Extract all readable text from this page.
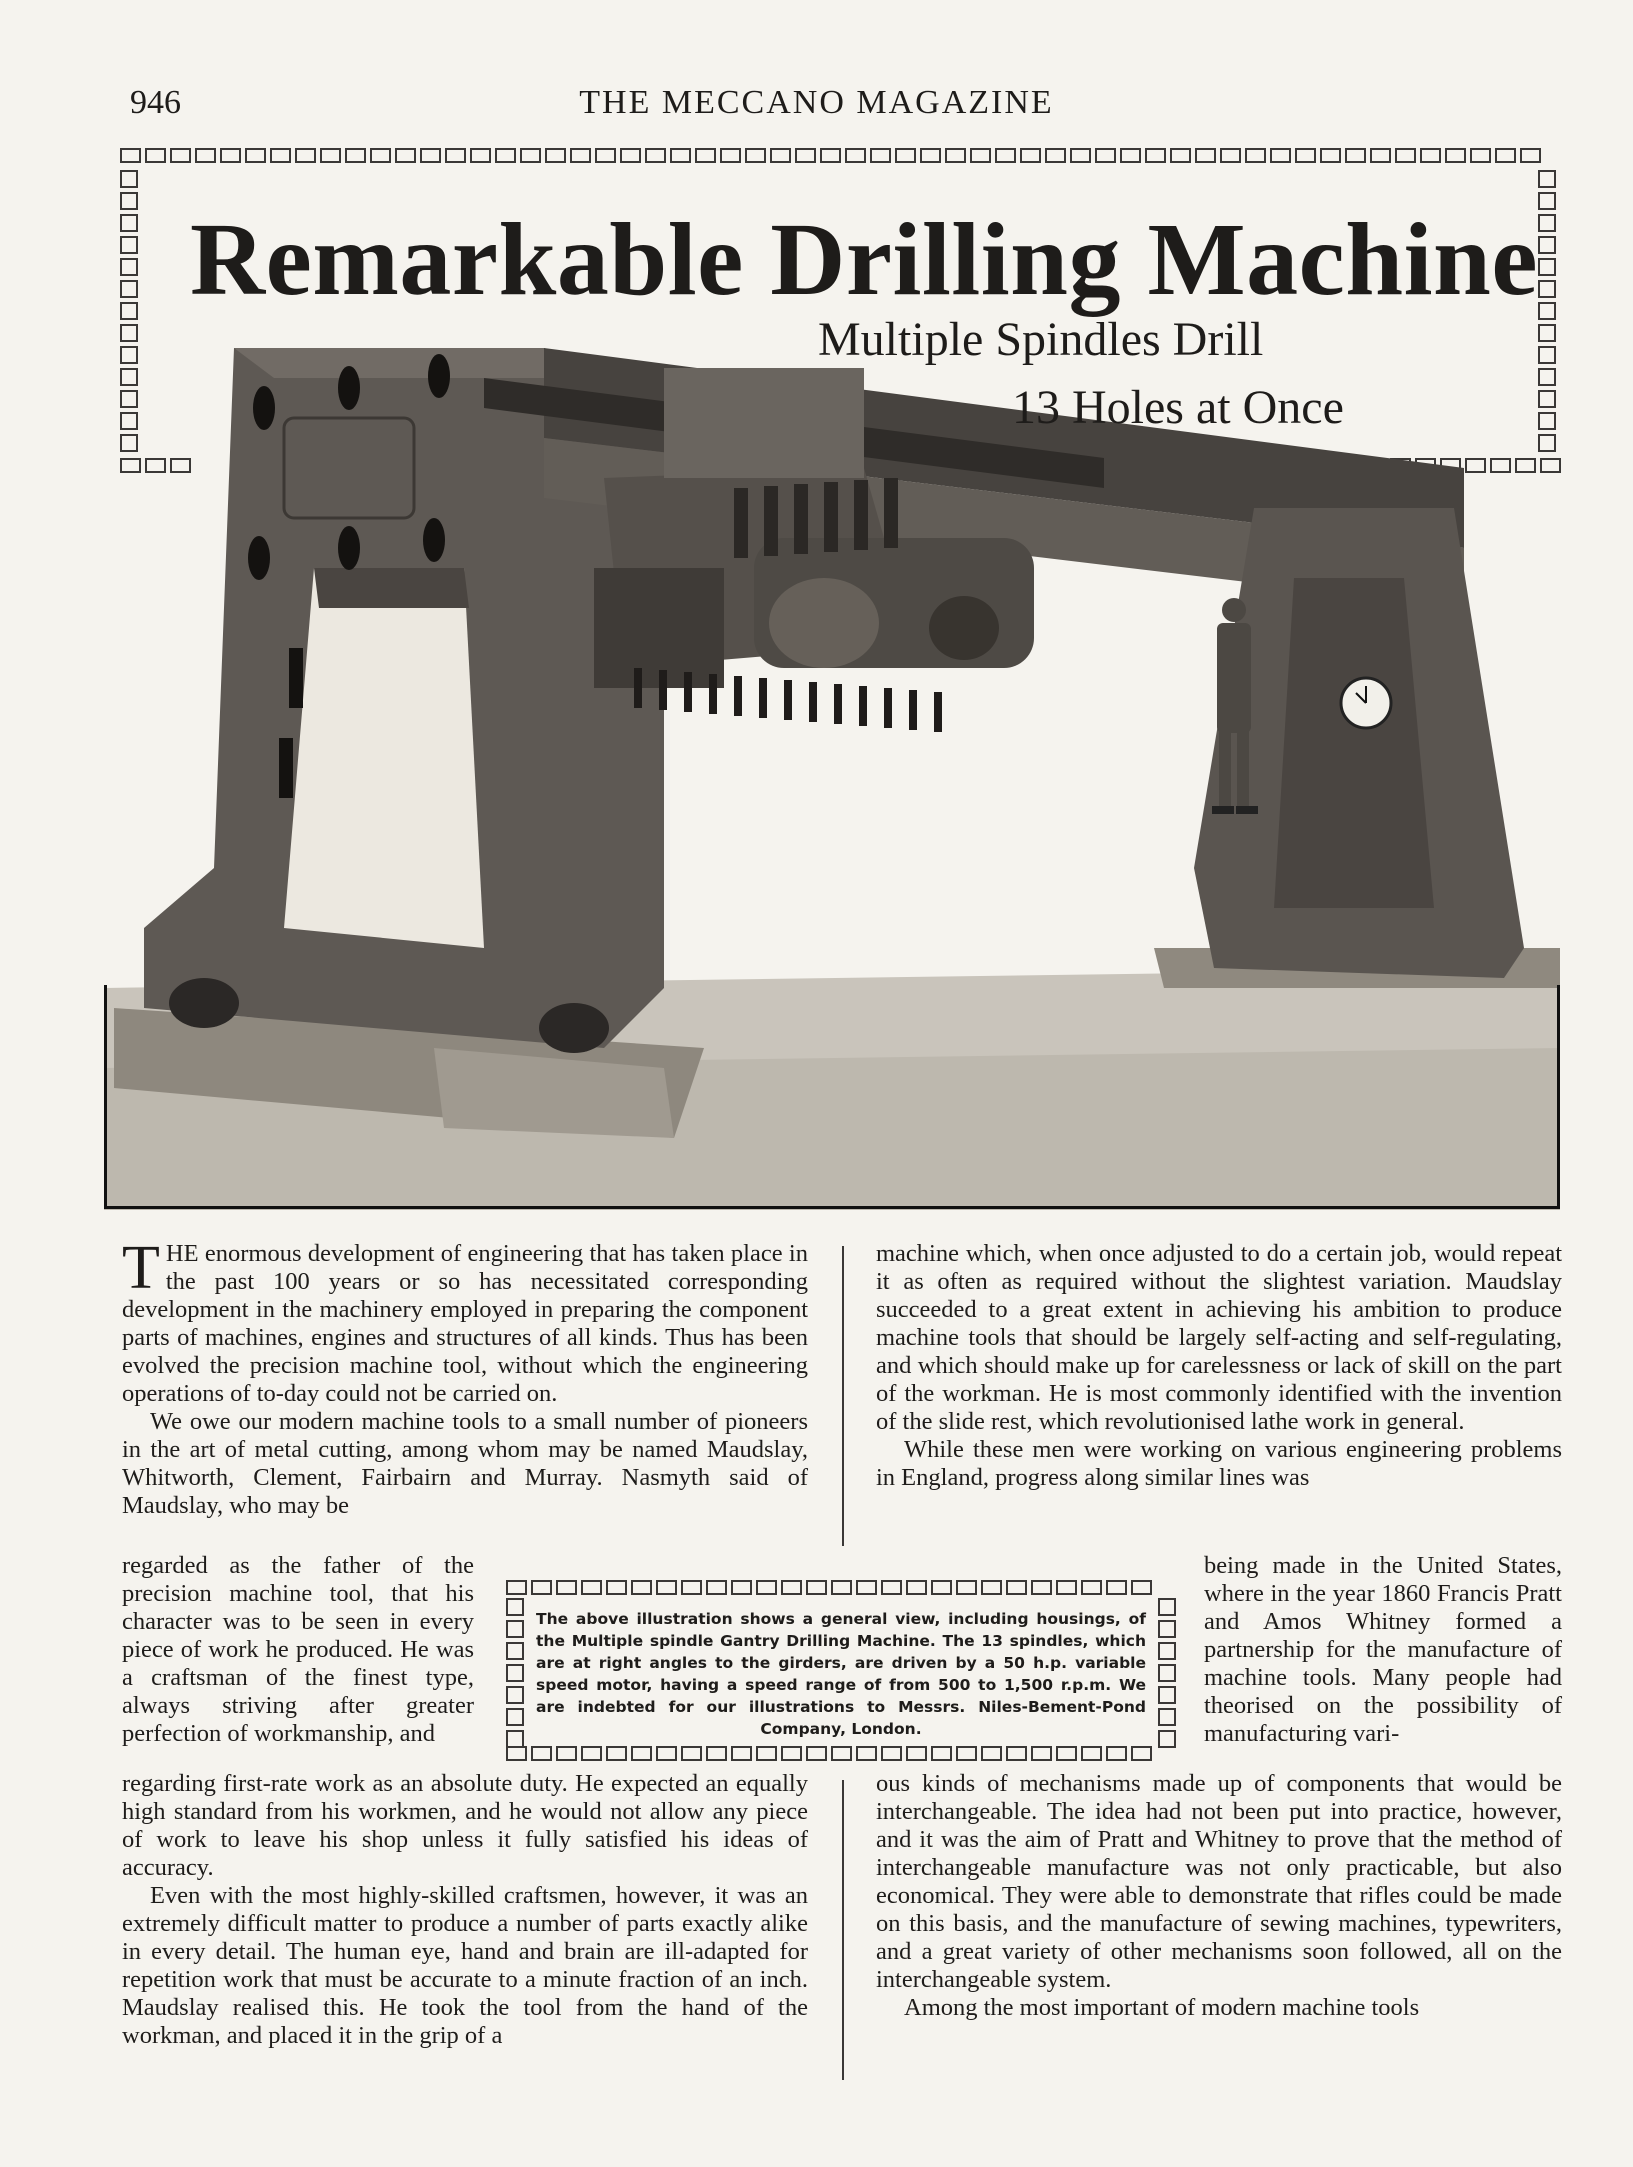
946	THE MECCANO MAGAZINE
Remarkable Drilling Machine
Multiple Spindles Drill
13 Holes at Once

THE enormous development of engineering that has taken place in the past 100 years or so has necessitated corresponding development in the machinery employed in preparing the component parts of machines, engines and structures of all kinds. Thus has been evolved the precision machine tool, without which the engineering operations of to-day could not be carried on.

We owe our modern machine tools to a small number of pioneers in the art of metal cutting, among whom may be named Maudslay, Whitworth, Clement, Fairbairn and Murray. Nasmyth said of Maudslay, who may be

machine which, when once adjusted to do a certain job, would repeat it as often as required without the slightest variation. Maudslay succeeded to a great extent in achieving his ambition to produce machine tools that should be largely self-acting and self-regulating, and which should make up for carelessness or lack of skill on the part of the workman. He is most commonly identified with the invention of the slide rest, which revolutionised lathe work in general.

While these men were working on various engineering problems in England, progress along similar lines was

regarded as the father of the precision machine tool, that his character was to be seen in every piece of work he produced. He was a craftsman of the finest type, always striving after greater perfection of workmanship, and

being made in the United States, where in the year 1860 Francis Pratt and Amos Whitney formed a partnership for the manufacture of machine tools. Many people had theorised on the possibility of manufacturing vari-

The above illustration shows a general view, including housings, of the Multiple spindle Gantry Drilling Machine. The 13 spindles, which are at right angles to the girders, are driven by a 50 h.p. variable speed motor, having a speed range of from 500 to 1,500 r.p.m. We are indebted for our illustrations to Messrs. Niles-Bement-Pond Company, London.

regarding first-rate work as an absolute duty. He expected an equally high standard from his workmen, and he would not allow any piece of work to leave his shop unless it fully satisfied his ideas of accuracy.

Even with the most highly-skilled craftsmen, however, it was an extremely difficult matter to produce a number of parts exactly alike in every detail. The human eye, hand and brain are ill-adapted for repetition work that must be accurate to a minute fraction of an inch. Maudslay realised this. He took the tool from the hand of the workman, and placed it in the grip of a

ous kinds of mechanisms made up of components that would be interchangeable. The idea had not been put into practice, however, and it was the aim of Pratt and Whitney to prove that the method of interchangeable manufacture was not only practicable, but also economical. They were able to demonstrate that rifles could be made on this basis, and the manufacture of sewing machines, typewriters, and a great variety of other mechanisms soon followed, all on the interchangeable system.

Among the most important of modern machine tools
